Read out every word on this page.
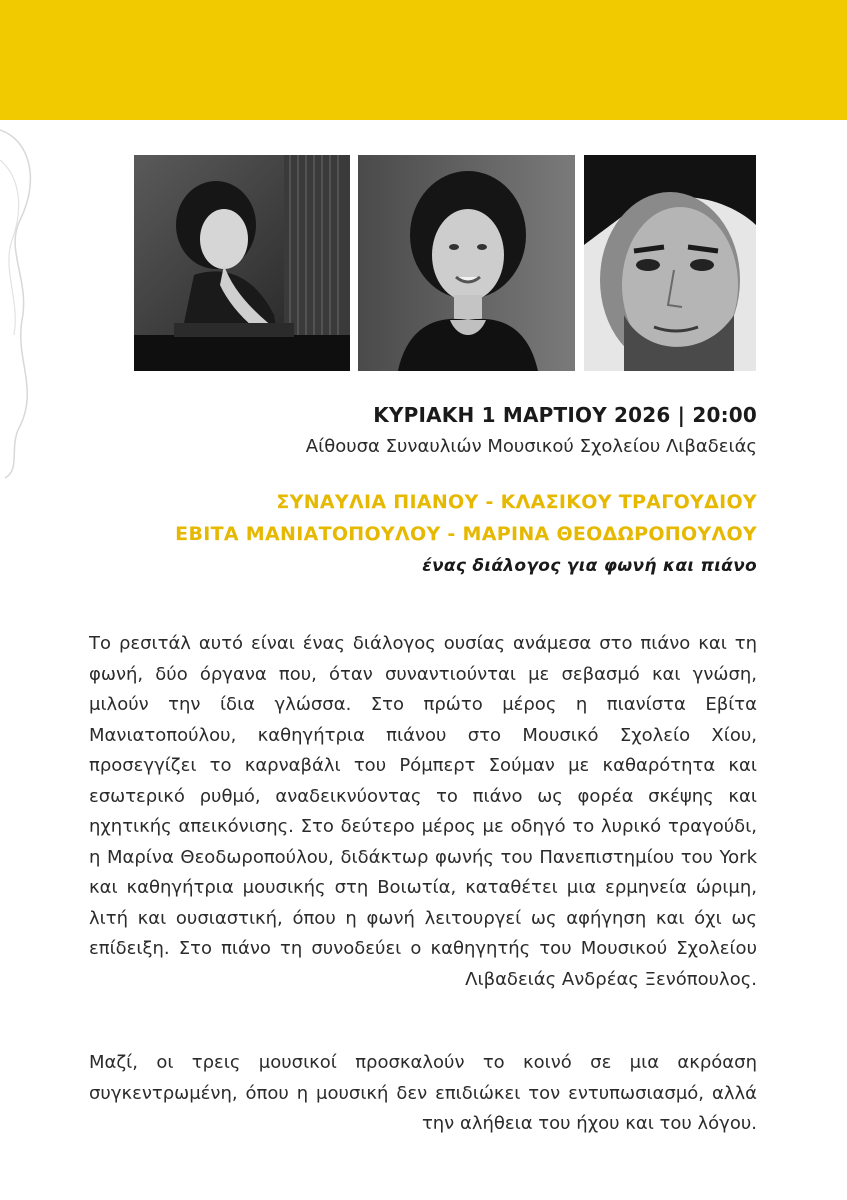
ΚΥΡΙΑΚΗ 1 ΜΑΡΤΙΟΥ 2026 | 20:00
Αίθουσα Συναυλιών Μουσικού Σχολείου Λιβαδειάς
ΣΥΝΑΥΛΙΑ ΠΙΑΝΟΥ - ΚΛΑΣΙΚΟΥ ΤΡΑΓΟΥΔΙΟΥ
ΕΒΙΤΑ ΜΑΝΙΑΤΟΠΟΥΛΟΥ - ΜΑΡΙΝΑ ΘΕΟΔΩΡΟΠΟΥΛΟΥ
ένας διάλογος για φωνή και πιάνο

Το ρεσιτάλ αυτό είναι ένας διάλογος ουσίας ανάμεσα στο πιάνο και τη φωνή, δύο όργανα που, όταν συναντιούνται με σεβασμό και γνώση, μιλούν την ίδια γλώσσα. Στο πρώτο μέρος η πιανίστα Εβίτα Μανιατοπούλου, καθηγήτρια πιάνου στο Μουσικό Σχολείο Χίου, προσεγγίζει το καρναβάλι του Ρόμπερτ Σούμαν με καθαρότητα και εσωτερικό ρυθμό, αναδεικνύοντας το πιάνο ως φορέα σκέψης και ηχητικής απεικόνισης. Στο δεύτερο μέρος με οδηγό το λυρικό τραγούδι, η Μαρίνα Θεοδωροπούλου, διδάκτωρ φωνής του Πανεπιστημίου του York και καθηγήτρια μουσικής στη Βοιωτία, καταθέτει μια ερμηνεία ώριμη, λιτή και ουσιαστική, όπου η φωνή λειτουργεί ως αφήγηση και όχι ως επίδειξη. Στο πιάνο τη συνοδεύει ο καθηγητής του Μουσικού Σχολείου Λιβαδειάς Ανδρέας Ξενόπουλος.

Μαζί, οι τρεις μουσικοί προσκαλούν το κοινό σε μια ακρόαση συγκεντρωμένη, όπου η μουσική δεν επιδιώκει τον εντυπωσιασμό, αλλά την αλήθεια του ήχου και του λόγου.
